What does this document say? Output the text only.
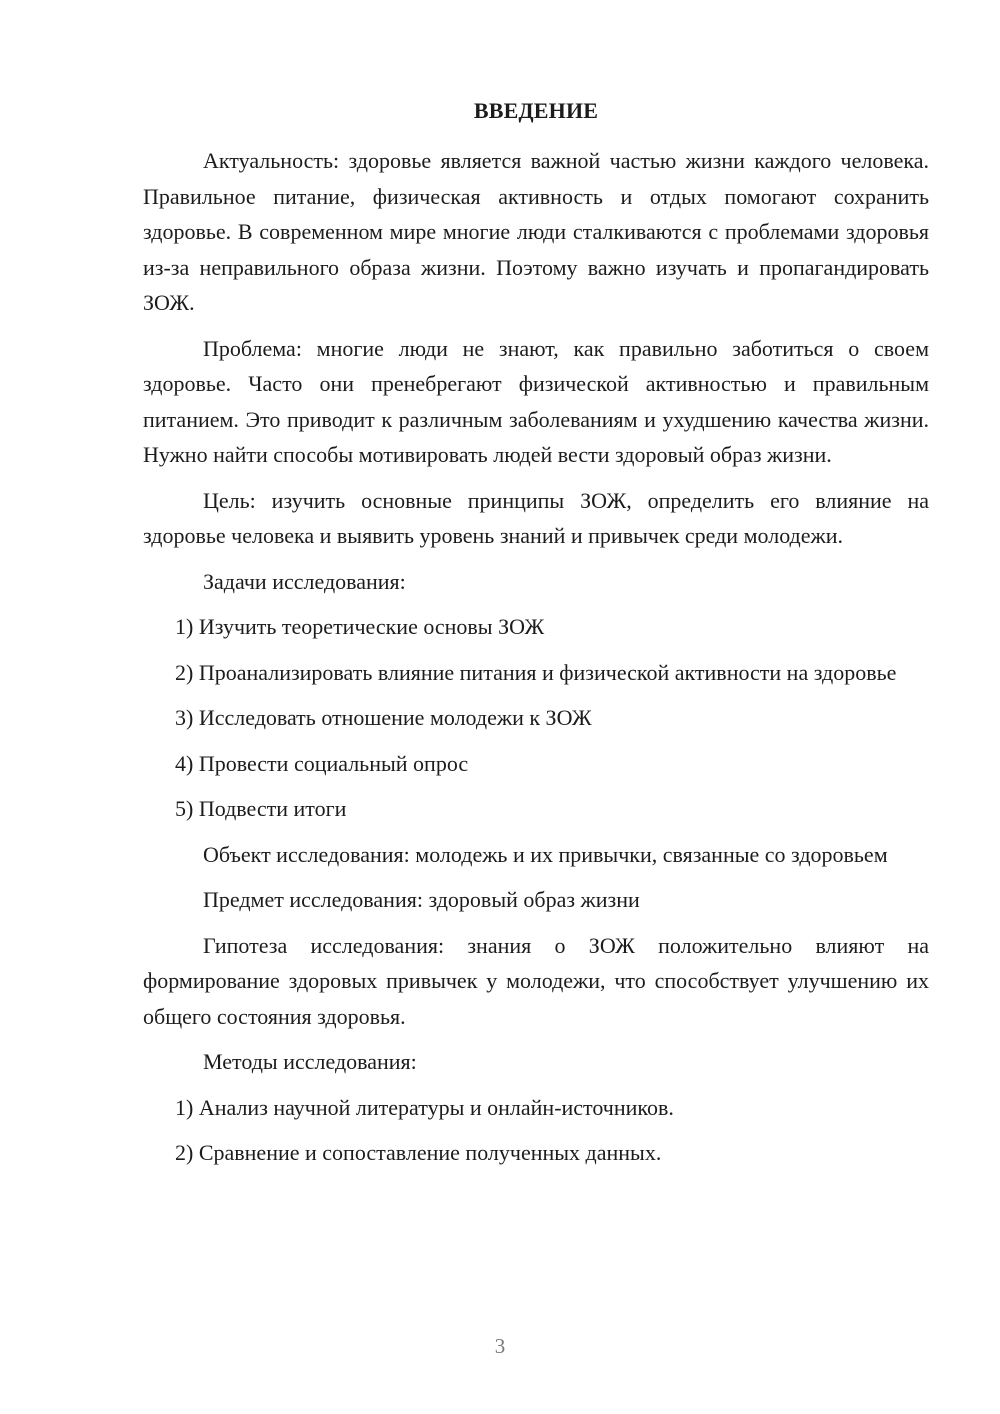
ВВЕДЕНИЕ

Актуальность: здоровье является важной частью жизни каждого человека. Правильное питание, физическая активность и отдых помогают сохранить здоровье. В современном мире многие люди сталкиваются с проблемами здоровья из-за неправильного образа жизни. Поэтому важно изучать и пропагандировать ЗОЖ.

Проблема: многие люди не знают, как правильно заботиться о своем здоровье. Часто они пренебрегают физической активностью и правильным питанием. Это приводит к различным заболеваниям и ухудшению качества жизни. Нужно найти способы мотивировать людей вести здоровый образ жизни.

Цель: изучить основные принципы ЗОЖ, определить его влияние на здоровье человека и выявить уровень знаний и привычек среди молодежи.

Задачи исследования:

1) Изучить теоретические основы ЗОЖ

2) Проанализировать влияние питания и физической активности на здоровье

3) Исследовать отношение молодежи к ЗОЖ

4) Провести социальный опрос

5) Подвести итоги

Объект исследования: молодежь и их привычки, связанные со здоровьем

Предмет исследования: здоровый образ жизни

Гипотеза исследования: знания о ЗОЖ положительно влияют на формирование здоровых привычек у молодежи, что способствует улучшению их общего состояния здоровья.

Методы исследования:

1) Анализ научной литературы и онлайн-источников.

2) Сравнение и сопоставление полученных данных.

3
